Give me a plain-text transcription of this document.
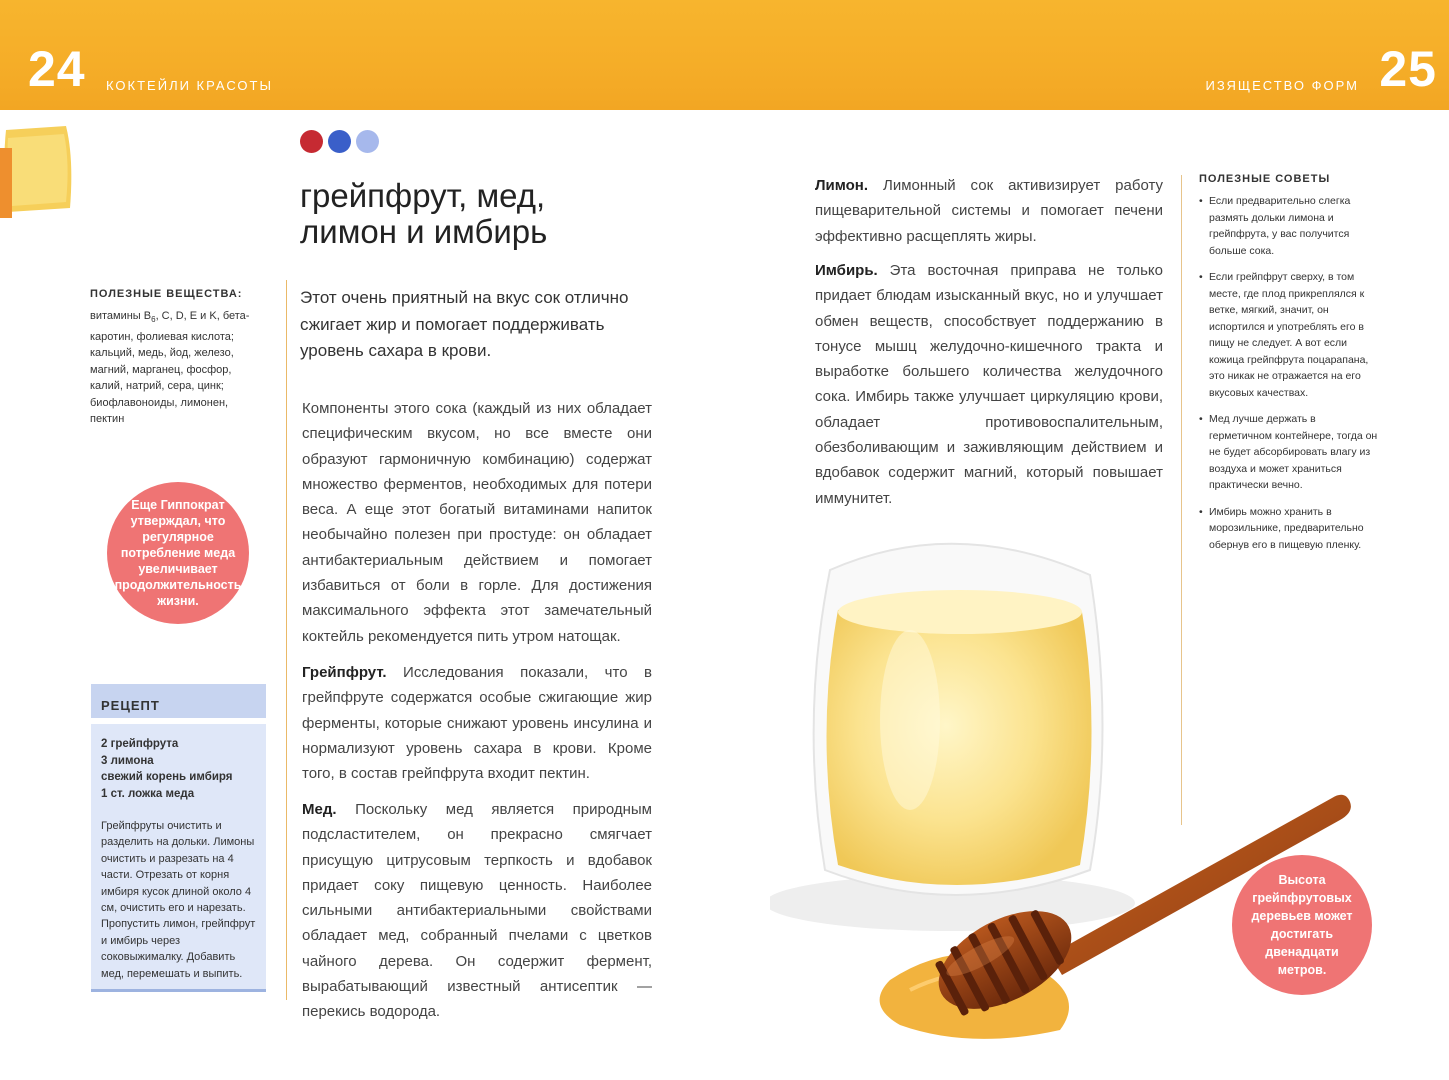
24 КОКТЕЙЛИ КРАСОТЫ	ИЗЯЩЕСТВО ФОРМ 25
грейпфрут, мед,
лимон и имбирь
ПОЛЕЗНЫЕ ВЕЩЕСТВА:

витамины $B_6$, C, D, E и K, бета-каротин, фолиевая кислота; кальций, медь, йод, железо, магний, марганец, фосфор, калий, натрий, сера, цинк; биофлавоноиды, лимонен, пектин

Еще Гиппократ утверждал, что регулярное потребление меда увеличивает продолжительность жизни.
РЕЦЕПТ
2 грейпфрута
3 лимона
свежий корень имбиря
1 ст. ложка меда
Грейпфруты очистить и разделить на дольки. Лимоны очистить и разрезать на 4 части. Отрезать от корня имбиря кусок длиной около 4 см, очистить его и нарезать. Пропустить лимон, грейпфрут и имбирь через соковыжималку. Добавить мед, перемешать и выпить.
Этот очень приятный на вкус сок отлично сжигает жир и помогает поддерживать уровень сахара в крови.
Компоненты этого сока (каждый из них обладает специфическим вкусом, но все вместе они образуют гармоничную комбинацию) содержат множество ферментов, необходимых для потери веса. А еще этот богатый витаминами напиток необычайно полезен при простуде: он обладает антибактериальным действием и помогает избавиться от боли в горле. Для достижения максимального эффекта этот замечательный коктейль рекомендуется пить утром натощак.
Грейпфрут. Исследования показали, что в грейпфруте содержатся особые сжигающие жир ферменты, которые снижают уровень инсулина и нормализуют уровень сахара в крови. Кроме того, в состав грейпфрута входит пектин.
Мед. Поскольку мед является природным подсластителем, он прекрасно смягчает присущую цитрусовым терпкость и вдобавок придает соку пищевую ценность. Наиболее сильными антибактериальными свойствами обладает мед, собранный пчелами с цветков чайного дерева. Он содержит фермент, вырабатывающий известный антисептик — перекись водорода.
Лимон. Лимонный сок активизирует работу пищеварительной системы и помогает печени эффективно расщеплять жиры.
Имбирь. Эта восточная приправа не только придает блюдам изысканный вкус, но и улучшает обмен веществ, способствует поддержанию в тонусе мышц желудочно-кишечного тракта и выработке большего количества желудочного сока. Имбирь также улучшает циркуляцию крови, обладает противовоспалительным, обезболивающим и заживляющим действием и вдобавок содержит магний, который повышает иммунитет.
ПОЛЕЗНЫЕ СОВЕТЫ
• Если предварительно слегка размять дольки лимона и грейпфрута, у вас получится больше сока.
• Если грейпфрут сверху, в том месте, где плод прикреплялся к ветке, мягкий, значит, он испортился и употреблять его в пищу не следует. А вот если кожица грейпфрута поцарапана, это никак не отражается на его вкусовых качествах.
• Мед лучше держать в герметичном контейнере, тогда он не будет абсорбировать влагу из воздуха и может храниться практически вечно.
• Имбирь можно хранить в морозильнике, предварительно обернув его в пищевую пленку.
Высота грейпфрутовых деревьев может достигать двенадцати метров.
